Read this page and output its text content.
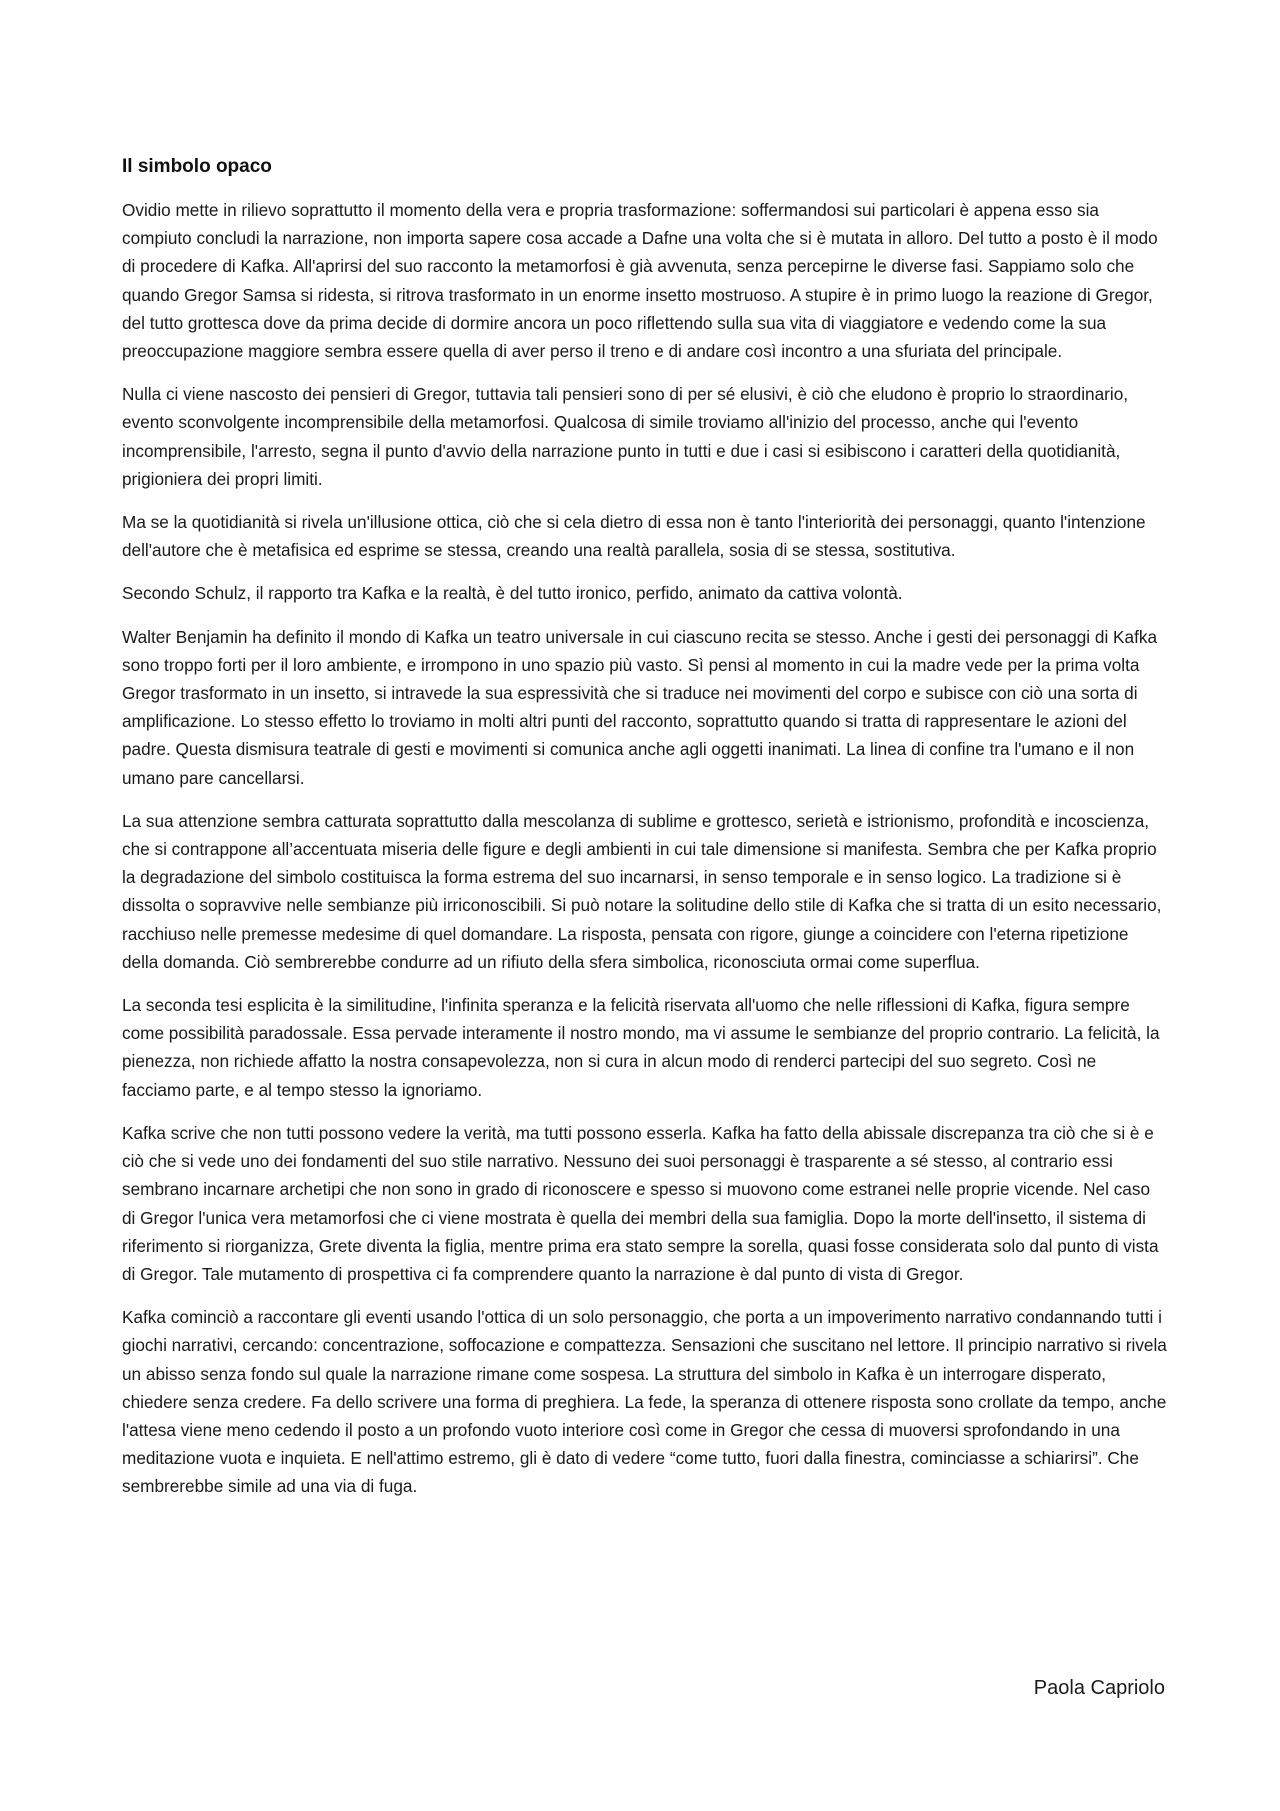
Il simbolo opaco

Ovidio mette in rilievo soprattutto il momento della vera e propria trasformazione: soffermandosi sui particolari è appena esso sia compiuto concludi la narrazione, non importa sapere cosa accade a Dafne una volta che si è mutata in alloro. Del tutto a posto è il modo di procedere di Kafka. All'aprirsi del suo racconto la metamorfosi è già avvenuta, senza percepirne le diverse fasi. Sappiamo solo che quando Gregor Samsa si ridesta, si ritrova trasformato in un enorme insetto mostruoso. A stupire è in primo luogo la reazione di Gregor, del tutto grottesca dove da prima decide di dormire ancora un poco riflettendo sulla sua vita di viaggiatore e vedendo come la sua preoccupazione maggiore sembra essere quella di aver perso il treno e di andare così incontro a una sfuriata del principale.

Nulla ci viene nascosto dei pensieri di Gregor, tuttavia tali pensieri sono di per sé elusivi, è ciò che eludono è proprio lo straordinario, evento sconvolgente incomprensibile della metamorfosi. Qualcosa di simile troviamo all'inizio del processo, anche qui l'evento incomprensibile, l'arresto, segna il punto d'avvio della narrazione punto in tutti e due i casi si esibiscono i caratteri della quotidianità, prigioniera dei propri limiti.

Ma se la quotidianità si rivela un'illusione ottica, ciò che si cela dietro di essa non è tanto l'interiorità dei personaggi, quanto l'intenzione dell'autore che è metafisica ed esprime se stessa, creando una realtà parallela, sosia di se stessa, sostitutiva.

Secondo Schulz, il rapporto tra Kafka e la realtà, è del tutto ironico, perfido, animato da cattiva volontà.

Walter Benjamin ha definito il mondo di Kafka un teatro universale in cui ciascuno recita se stesso. Anche i gesti dei personaggi di Kafka sono troppo forti per il loro ambiente, e irrompono in uno spazio più vasto. Sì pensi al momento in cui la madre vede per la prima volta Gregor trasformato in un insetto, si intravede la sua espressività che si traduce nei movimenti del corpo e subisce con ciò una sorta di amplificazione. Lo stesso effetto lo troviamo in molti altri punti del racconto, soprattutto quando si tratta di rappresentare le azioni del padre. Questa dismisura teatrale di gesti e movimenti si comunica anche agli oggetti inanimati. La linea di confine tra l'umano e il non umano pare cancellarsi.

La sua attenzione sembra catturata soprattutto dalla mescolanza di sublime e grottesco, serietà e istrionismo, profondità e incoscienza, che si contrappone all’accentuata miseria delle figure e degli ambienti in cui tale dimensione si manifesta. Sembra che per Kafka proprio la degradazione del simbolo costituisca la forma estrema del suo incarnarsi, in senso temporale e in senso logico. La tradizione si è dissolta o sopravvive nelle sembianze più irriconoscibili. Si può notare la solitudine dello stile di Kafka che si tratta di un esito necessario, racchiuso nelle premesse medesime di quel domandare. La risposta, pensata con rigore, giunge a coincidere con l'eterna ripetizione della domanda. Ciò sembrerebbe condurre ad un rifiuto della sfera simbolica, riconosciuta ormai come superflua.

La seconda tesi esplicita è la similitudine, l'infinita speranza e la felicità riservata all'uomo che nelle riflessioni di Kafka, figura sempre come possibilità paradossale. Essa pervade interamente il nostro mondo, ma vi assume le sembianze del proprio contrario. La felicità, la pienezza, non richiede affatto la nostra consapevolezza, non si cura in alcun modo di renderci partecipi del suo segreto. Così ne facciamo parte, e al tempo stesso la ignoriamo.

Kafka scrive che non tutti possono vedere la verità, ma tutti possono esserla. Kafka ha fatto della abissale discrepanza tra ciò che si è e ciò che si vede uno dei fondamenti del suo stile narrativo. Nessuno dei suoi personaggi è trasparente a sé stesso, al contrario essi sembrano incarnare archetipi che non sono in grado di riconoscere e spesso si muovono come estranei nelle proprie vicende. Nel caso di Gregor l'unica vera metamorfosi che ci viene mostrata è quella dei membri della sua famiglia. Dopo la morte dell'insetto, il sistema di riferimento si riorganizza, Grete diventa la figlia, mentre prima era stato sempre la sorella, quasi fosse considerata solo dal punto di vista di Gregor. Tale mutamento di prospettiva ci fa comprendere quanto la narrazione è dal punto di vista di Gregor.

Kafka cominciò a raccontare gli eventi usando l'ottica di un solo personaggio, che porta a un impoverimento narrativo condannando tutti i giochi narrativi, cercando: concentrazione, soffocazione e compattezza. Sensazioni che suscitano nel lettore. Il principio narrativo si rivela un abisso senza fondo sul quale la narrazione rimane come sospesa. La struttura del simbolo in Kafka è un interrogare disperato, chiedere senza credere. Fa dello scrivere una forma di preghiera. La fede, la speranza di ottenere risposta sono crollate da tempo, anche l'attesa viene meno cedendo il posto a un profondo vuoto interiore così come in Gregor che cessa di muoversi sprofondando in una meditazione vuota e inquieta. E nell'attimo estremo, gli è dato di vedere “come tutto, fuori dalla finestra, cominciasse a schiarirsi”. Che sembrerebbe simile ad una via di fuga.

Paola Capriolo
